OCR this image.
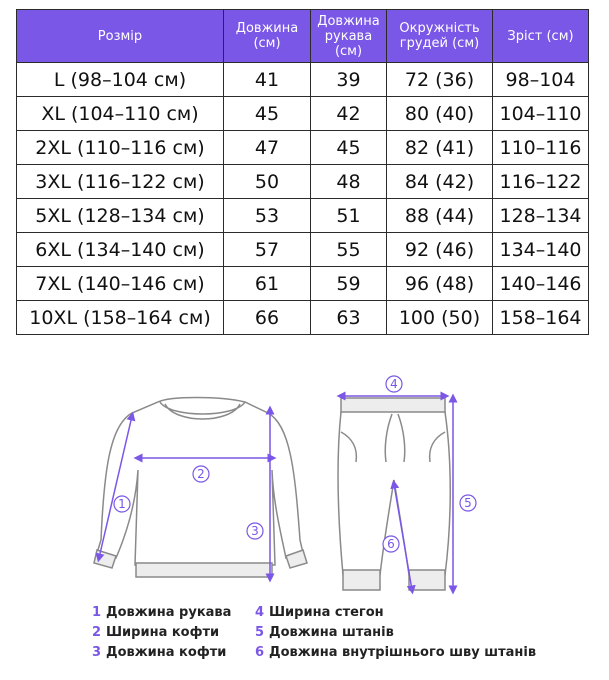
Розмір	Довжина (см)	Довжина рукава (см)	Окружність грудей (см)	Зріст (см)
L (98–104 см)	41	39	72 (36)	98–104
XL (104–110 см)	45	42	80 (40)	104–110
2XL (110–116 см)	47	45	82 (41)	110–116
3XL (116–122 см)	50	48	84 (42)	116–122
5XL (128–134 см)	53	51	88 (44)	128–134
6XL (134–140 см)	57	55	92 (46)	134–140
7XL (140–146 см)	61	59	96 (48)	140–146
10XL (158–164 см)	66	63	100 (50)	158–164
1
2
3
4
5
6
1 Довжина рукава 4 Ширина стегон
2 Ширина кофти	5 Довжина штанів
3 Довжина кофти 6 Довжина внутрішнього шву штанів
